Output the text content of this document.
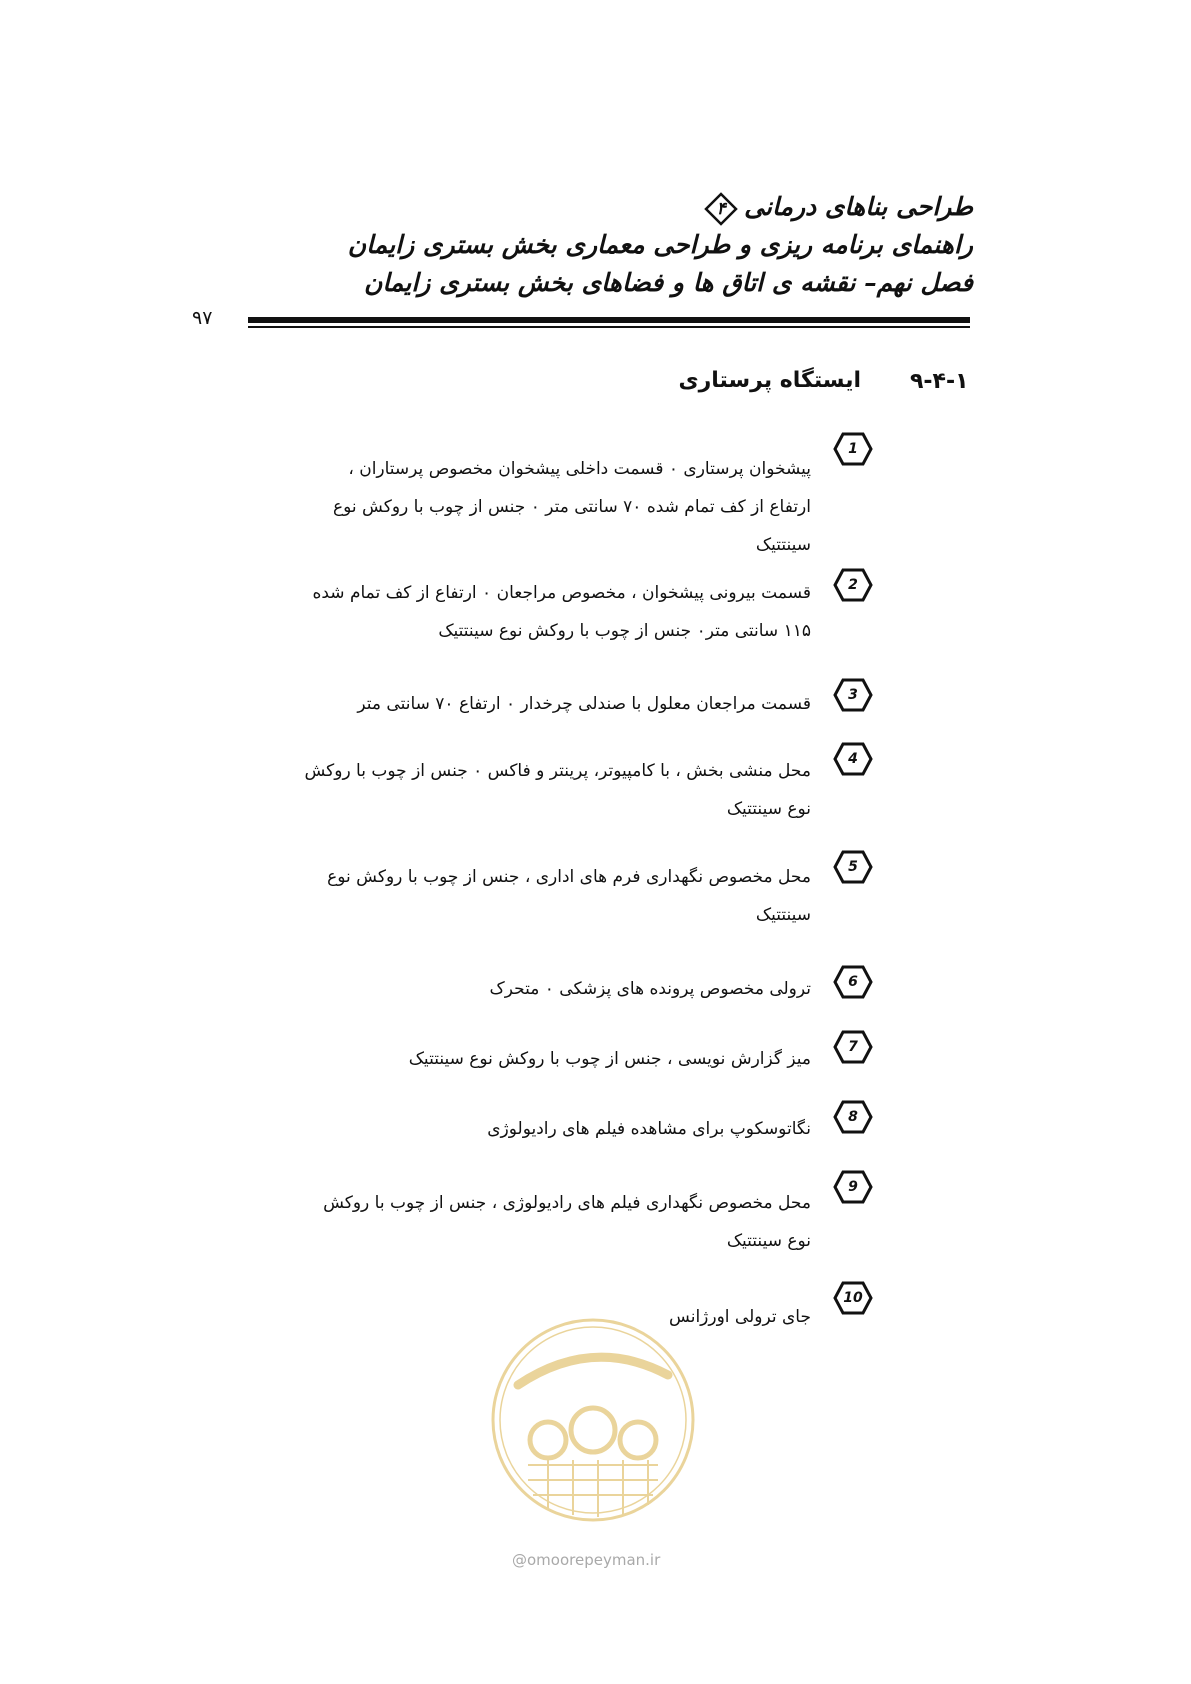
طراحی بناهای درمانی
۴
راهنمای برنامه ریزی و طراحی معماری بخش بستری زایمان
فصل نهم– نقشه ی اتاق ها و فضاهای بخش بستری زایمان
۹۷
۹-۴-۱
ایستگاه پرستاری
1
پیشخوان پرستاری ۰ قسمت داخلی پیشخوان مخصوص پرستاران ،
ارتفاع از کف تمام شده ۷۰ سانتی متر ۰ جنس از چوب با روکش نوع
سینتتیک
2
قسمت بیرونی پیشخوان ، مخصوص مراجعان ۰ ارتفاع از کف تمام شده
۱۱۵ سانتی متر۰ جنس از چوب با روکش نوع سینتتیک
3
قسمت مراجعان معلول با صندلی چرخدار ۰ ارتفاع ۷۰ سانتی متر
4
محل منشی بخش ، با کامپیوتر، پرینتر و فاکس ۰ جنس از چوب با روکش
نوع سینتتیک
5
محل مخصوص نگهداری فرم های اداری ، جنس از چوب با روکش نوع
سینتتیک
6
ترولی مخصوص پرونده های پزشکی ۰ متحرک
7
میز گزارش نویسی ، جنس از چوب با روکش نوع سینتتیک
8
نگاتوسکوپ برای مشاهده فیلم های رادیولوژی
9
محل مخصوص نگهداری فیلم های رادیولوژی ، جنس از چوب با روکش
نوع سینتتیک
10
جای ترولی اورژانس
@omoorepeyman.ir
